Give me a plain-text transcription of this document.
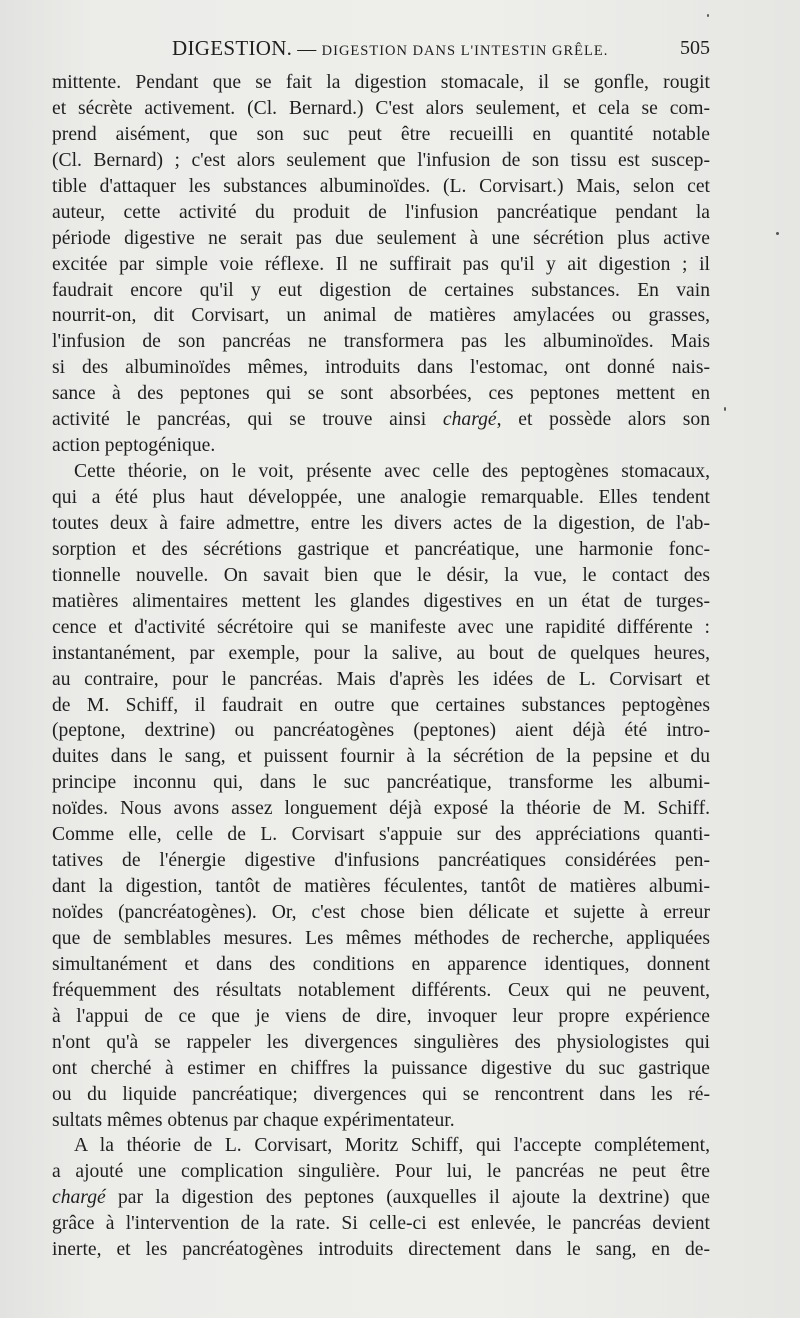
DIGESTION. — DIGESTION DANS L'INTESTIN GRÊLE.	505
mittente. Pendant que se fait la digestion stomacale, il se gonfle, rougit
et sécrète activement. (Cl. Bernard.) C'est alors seulement, et cela se com-
prend aisément, que son suc peut être recueilli en quantité notable
(Cl. Bernard) ; c'est alors seulement que l'infusion de son tissu est suscep-
tible d'attaquer les substances albuminoïdes. (L. Corvisart.) Mais, selon cet
auteur, cette activité du produit de l'infusion pancréatique pendant la
période digestive ne serait pas due seulement à une sécrétion plus active
excitée par simple voie réflexe. Il ne suffirait pas qu'il y ait digestion ; il
faudrait encore qu'il y eut digestion de certaines substances. En vain
nourrit-on, dit Corvisart, un animal de matières amylacées ou grasses,
l'infusion de son pancréas ne transformera pas les albuminoïdes. Mais
si des albuminoïdes mêmes, introduits dans l'estomac, ont donné nais-
sance à des peptones qui se sont absorbées, ces peptones mettent en
activité le pancréas, qui se trouve ainsi chargé, et possède alors son
action peptogénique.
Cette théorie, on le voit, présente avec celle des peptogènes stomacaux,
qui a été plus haut développée, une analogie remarquable. Elles tendent
toutes deux à faire admettre, entre les divers actes de la digestion, de l'ab-
sorption et des sécrétions gastrique et pancréatique, une harmonie fonc-
tionnelle nouvelle. On savait bien que le désir, la vue, le contact des
matières alimentaires mettent les glandes digestives en un état de turges-
cence et d'activité sécrétoire qui se manifeste avec une rapidité différente :
instantanément, par exemple, pour la salive, au bout de quelques heures,
au contraire, pour le pancréas. Mais d'après les idées de L. Corvisart et
de M. Schiff, il faudrait en outre que certaines substances peptogènes
(peptone, dextrine) ou pancréatogènes (peptones) aient déjà été intro-
duites dans le sang, et puissent fournir à la sécrétion de la pepsine et du
principe inconnu qui, dans le suc pancréatique, transforme les albumi-
noïdes. Nous avons assez longuement déjà exposé la théorie de M. Schiff.
Comme elle, celle de L. Corvisart s'appuie sur des appréciations quanti-
tatives de l'énergie digestive d'infusions pancréatiques considérées pen-
dant la digestion, tantôt de matières féculentes, tantôt de matières albumi-
noïdes (pancréatogènes). Or, c'est chose bien délicate et sujette à erreur
que de semblables mesures. Les mêmes méthodes de recherche, appliquées
simultanément et dans des conditions en apparence identiques, donnent
fréquemment des résultats notablement différents. Ceux qui ne peuvent,
à l'appui de ce que je viens de dire, invoquer leur propre expérience
n'ont qu'à se rappeler les divergences singulières des physiologistes qui
ont cherché à estimer en chiffres la puissance digestive du suc gastrique
ou du liquide pancréatique; divergences qui se rencontrent dans les ré-
sultats mêmes obtenus par chaque expérimentateur.
A la théorie de L. Corvisart, Moritz Schiff, qui l'accepte complétement,
a ajouté une complication singulière. Pour lui, le pancréas ne peut être
chargé par la digestion des peptones (auxquelles il ajoute la dextrine) que
grâce à l'intervention de la rate. Si celle-ci est enlevée, le pancréas devient
inerte, et les pancréatogènes introduits directement dans le sang, en de-
